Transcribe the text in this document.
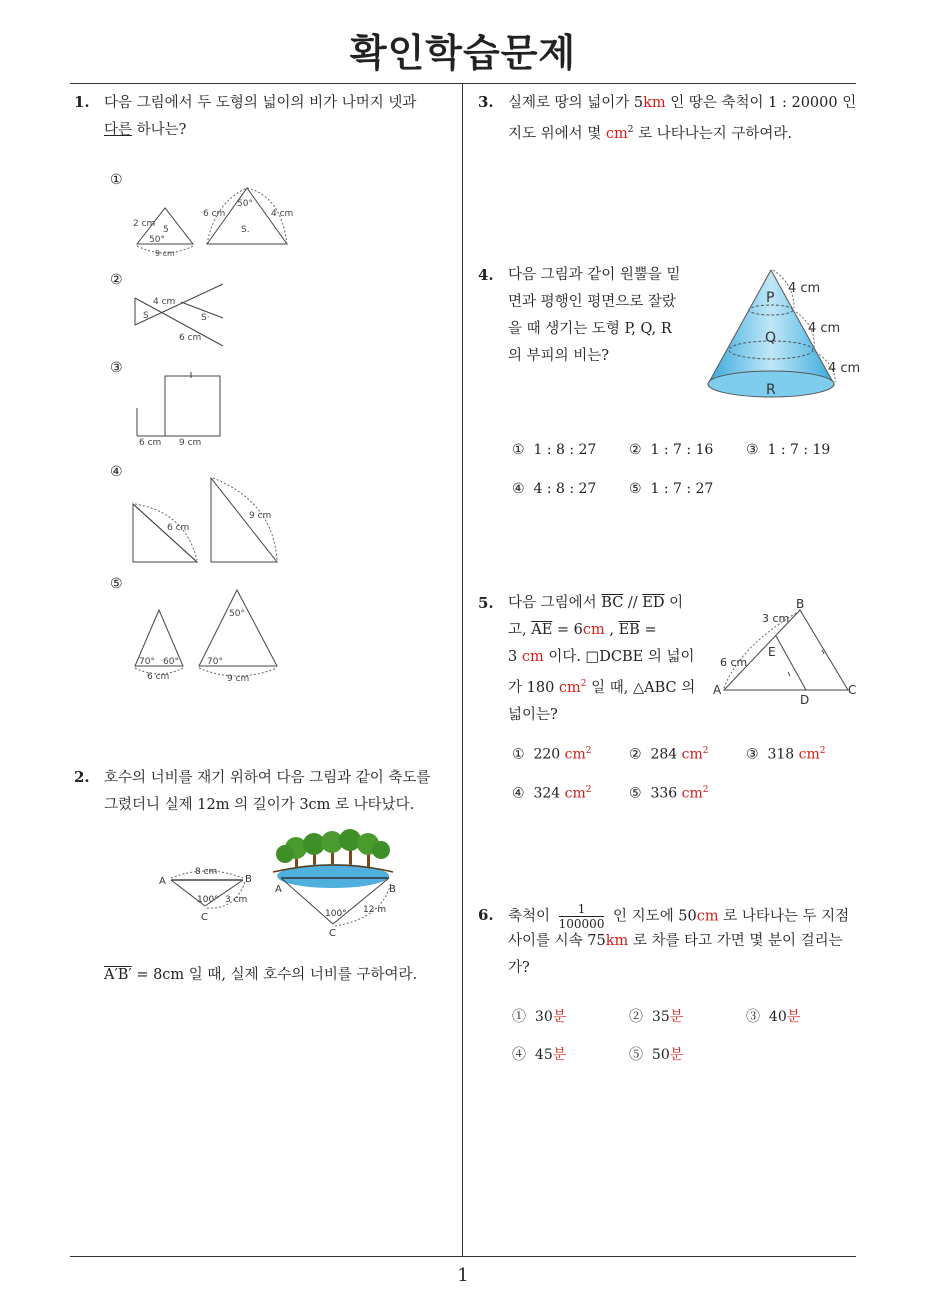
확인학습문제
1
1. 다음 그림에서 두 도형의 넓이의 비가 나머지 넷과
다른 하나는?
①
2 cm
5
50°
6 cm
50°
4 cm
S.
9 cm
②
4 cm
S	S·
6 cm
③
6 cm 9 cm
④
6 cm
9 cm
⑤
50°
70° 60°
6 cm
70°
9 cm
2. 호수의 너비를 재기 위하여 다음 그림과 같이 축도를
그렸더니 실제 12m 의 길이가 3cm 로 나타났다.
A	B
C
8 cm
100° 3 cm
A	B
C
100° 12 m
A′B′ = 8cm 일 때, 실제 호수의 너비를 구하여라.
3. 실제로 땅의 넓이가 5km 인 땅은 축척이 1 : 20000 인
지도 위에서 몇 $cm^2$ 로 나타나는지 구하여라.
4. 다음 그림과 같이 원뿔을 밑
면과 평행인 평면으로 잘랐
을 때 생기는 도형 P, Q, R
의 부피의 비는?
P
Q
R
4 cm
4 cm
4 cm
① 1 : 8 : 27 ② 1 : 7 : 16 ③ 1 : 7 : 19
④ 4 : 8 : 27 ⑤ 1 : 7 : 27
5. 다음 그림에서 $\overline{BC} // \overline{ED}$ 이
고, $\overline{AE} = 6cm$ , $\overline{EB}$ =
3 cm 이다. □DCBE 의 넓이
가 180 $cm^2$ 일 때, △ABC 의
넓이는?
A
B
C
D
E
3 cm
6 cm
① 220 $cm^2$	② 284 $cm^2$	③ 318 $cm^2$
④ 324 $cm^2$	⑤ 336 $cm^2$
6. 축척이 $\frac{1}{100000}$ 인 지도에 50cm 로 나타나는 두 지점
사이를 시속 75km 로 차를 타고 가면 몇 분이 걸리는
가?
① 30분	② 35분	③ 40분
④ 45분	⑤ 50분
